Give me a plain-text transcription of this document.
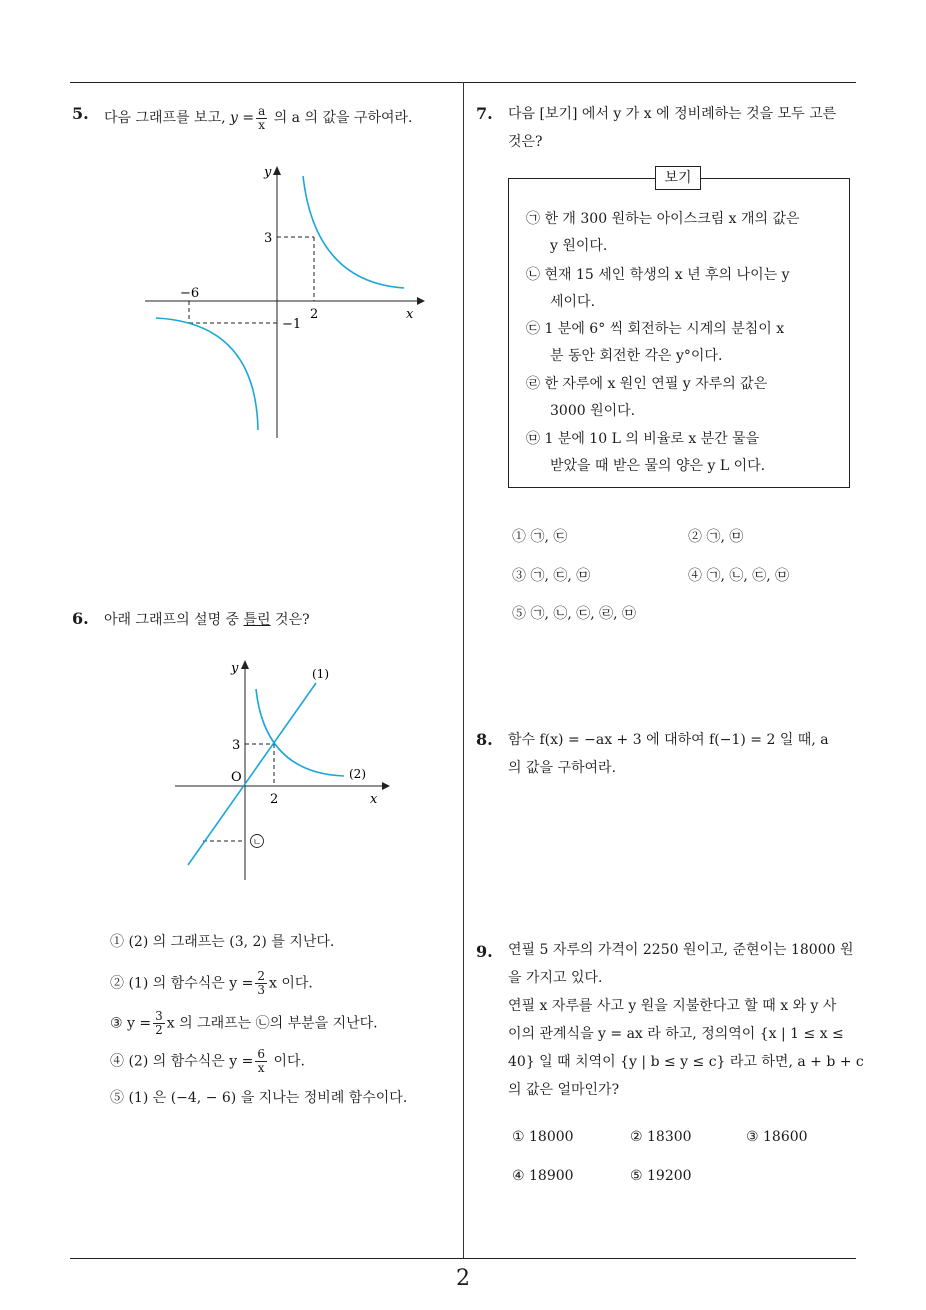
5. 다음 그래프를 보고, $y = \frac{a}{x}$ 의 a 의 값을 구하여라.
y
x
3
−6
−1
2
6. 아래 그래프의 설명 중 틀린 것은?
y
x
O
3
2
(1)
(2)
ㄴ
① (2) 의 그래프는 (3, 2) 를 지난다.
② (1) 의 함수식은 $y = \frac{2}{3}$ x 이다.
③ $y = \frac{3}{2}$ x 의 그래프는 ㉡의 부분을 지난다.
④ (2) 의 함수식은 $y = \frac{6}{x}$ 이다.
⑤ (1) 은 (−4, − 6) 을 지나는 정비례 함수이다.
7. 다음 [보기] 에서 y 가 x 에 정비례하는 것을 모두 고른
것은?
보기
㉠ 한 개 300 원하는 아이스크림 x 개의 값은
y 원이다.
㉡ 현재 15 세인 학생의 x 년 후의 나이는 y
세이다.
㉢ 1 분에 6° 씩 회전하는 시계의 분침이 x
분 동안 회전한 각은 y°이다.
㉣ 한 자루에 x 원인 연필 y 자루의 값은
3000 원이다.
㉤ 1 분에 10 L 의 비율로 x 분간 물을
받았을 때 받은 물의 양은 y L 이다.
① ㉠, ㉢	② ㉠, ㉤
③ ㉠, ㉢, ㉤	④ ㉠, ㉡, ㉢, ㉤
⑤ ㉠, ㉡, ㉢, ㉣, ㉤
8. 함수 f(x) = −ax + 3 에 대하여 f(−1) = 2 일 때, a
의 값을 구하여라.
9. 연필 5 자루의 가격이 2250 원이고, 준현이는 18000 원
을 가지고 있다.
연필 x 자루를 사고 y 원을 지불한다고 할 때 x 와 y 사
이의 관계식을 y = ax 라 하고, 정의역이 {x | 1 ≤ x ≤
40} 일 때 치역이 {y | b ≤ y ≤ c} 라고 하면, a + b + c
의 값은 얼마인가?
① 18000	② 18300	③ 18600
④ 18900	⑤ 19200
2
